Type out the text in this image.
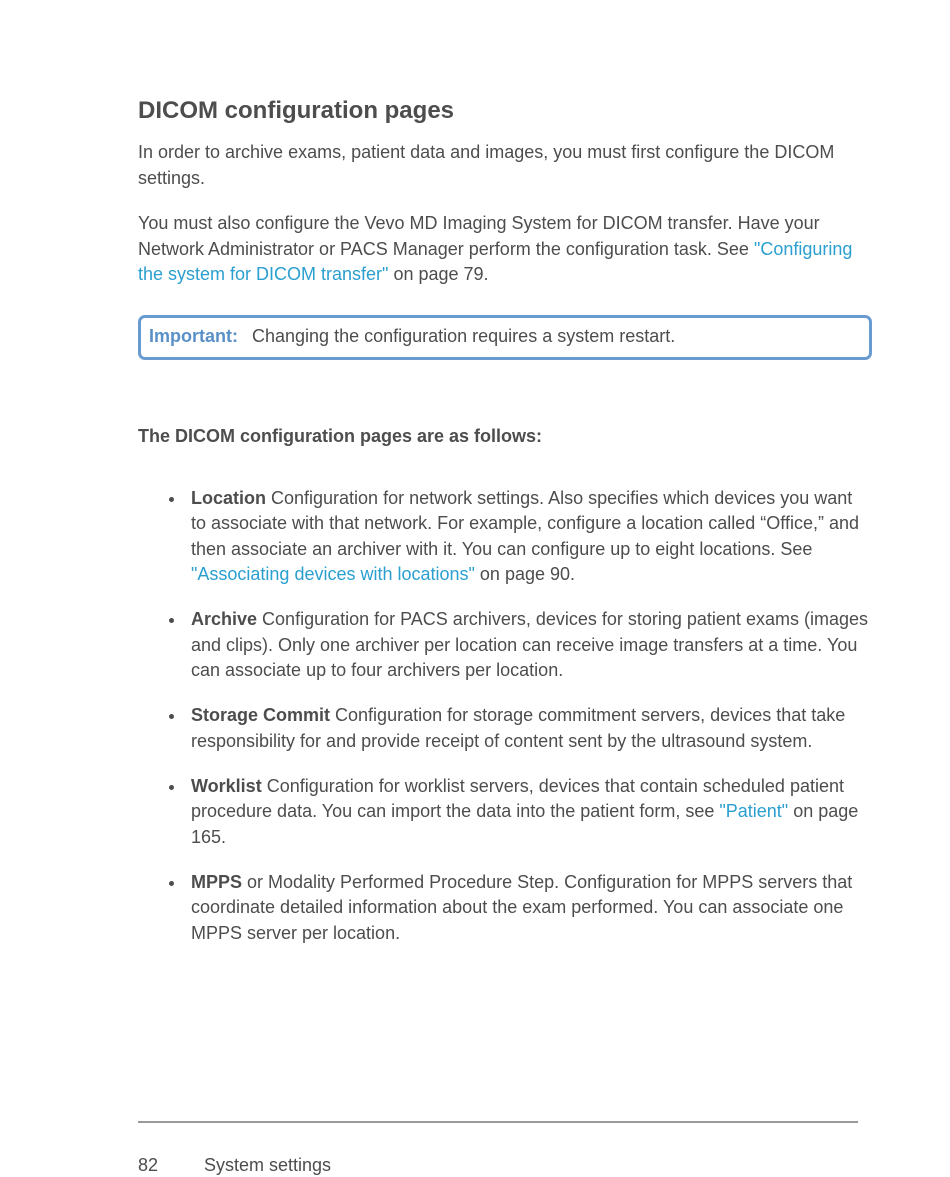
DICOM configuration pages

In order to archive exams, patient data and images, you must first configure the DICOM settings.

You must also configure the Vevo MD Imaging System for DICOM transfer. Have your Network Administrator or PACS Manager perform the configuration task. See "Configuring the system for DICOM transfer" on page 79.

Important: Changing the configuration requires a system restart.
The DICOM configuration pages are as follows:
Location Configuration for network settings. Also specifies which devices you want to associate with that network. For example, configure a location called “Office,” and then associate an archiver with it. You can configure up to eight locations. See "Associating devices with locations" on page 90.
Archive Configuration for PACS archivers, devices for storing patient exams (images and clips). Only one archiver per location can receive image transfers at a time. You can associate up to four archivers per location.
Storage Commit Configuration for storage commitment servers, devices that take responsibility for and provide receipt of content sent by the ultrasound system.
Worklist Configuration for worklist servers, devices that contain scheduled patient procedure data. You can import the data into the patient form, see "Patient" on page 165.
MPPS or Modality Performed Procedure Step. Configuration for MPPS servers that coordinate detailed information about the exam performed. You can associate one MPPS server per location.
82	System settings
